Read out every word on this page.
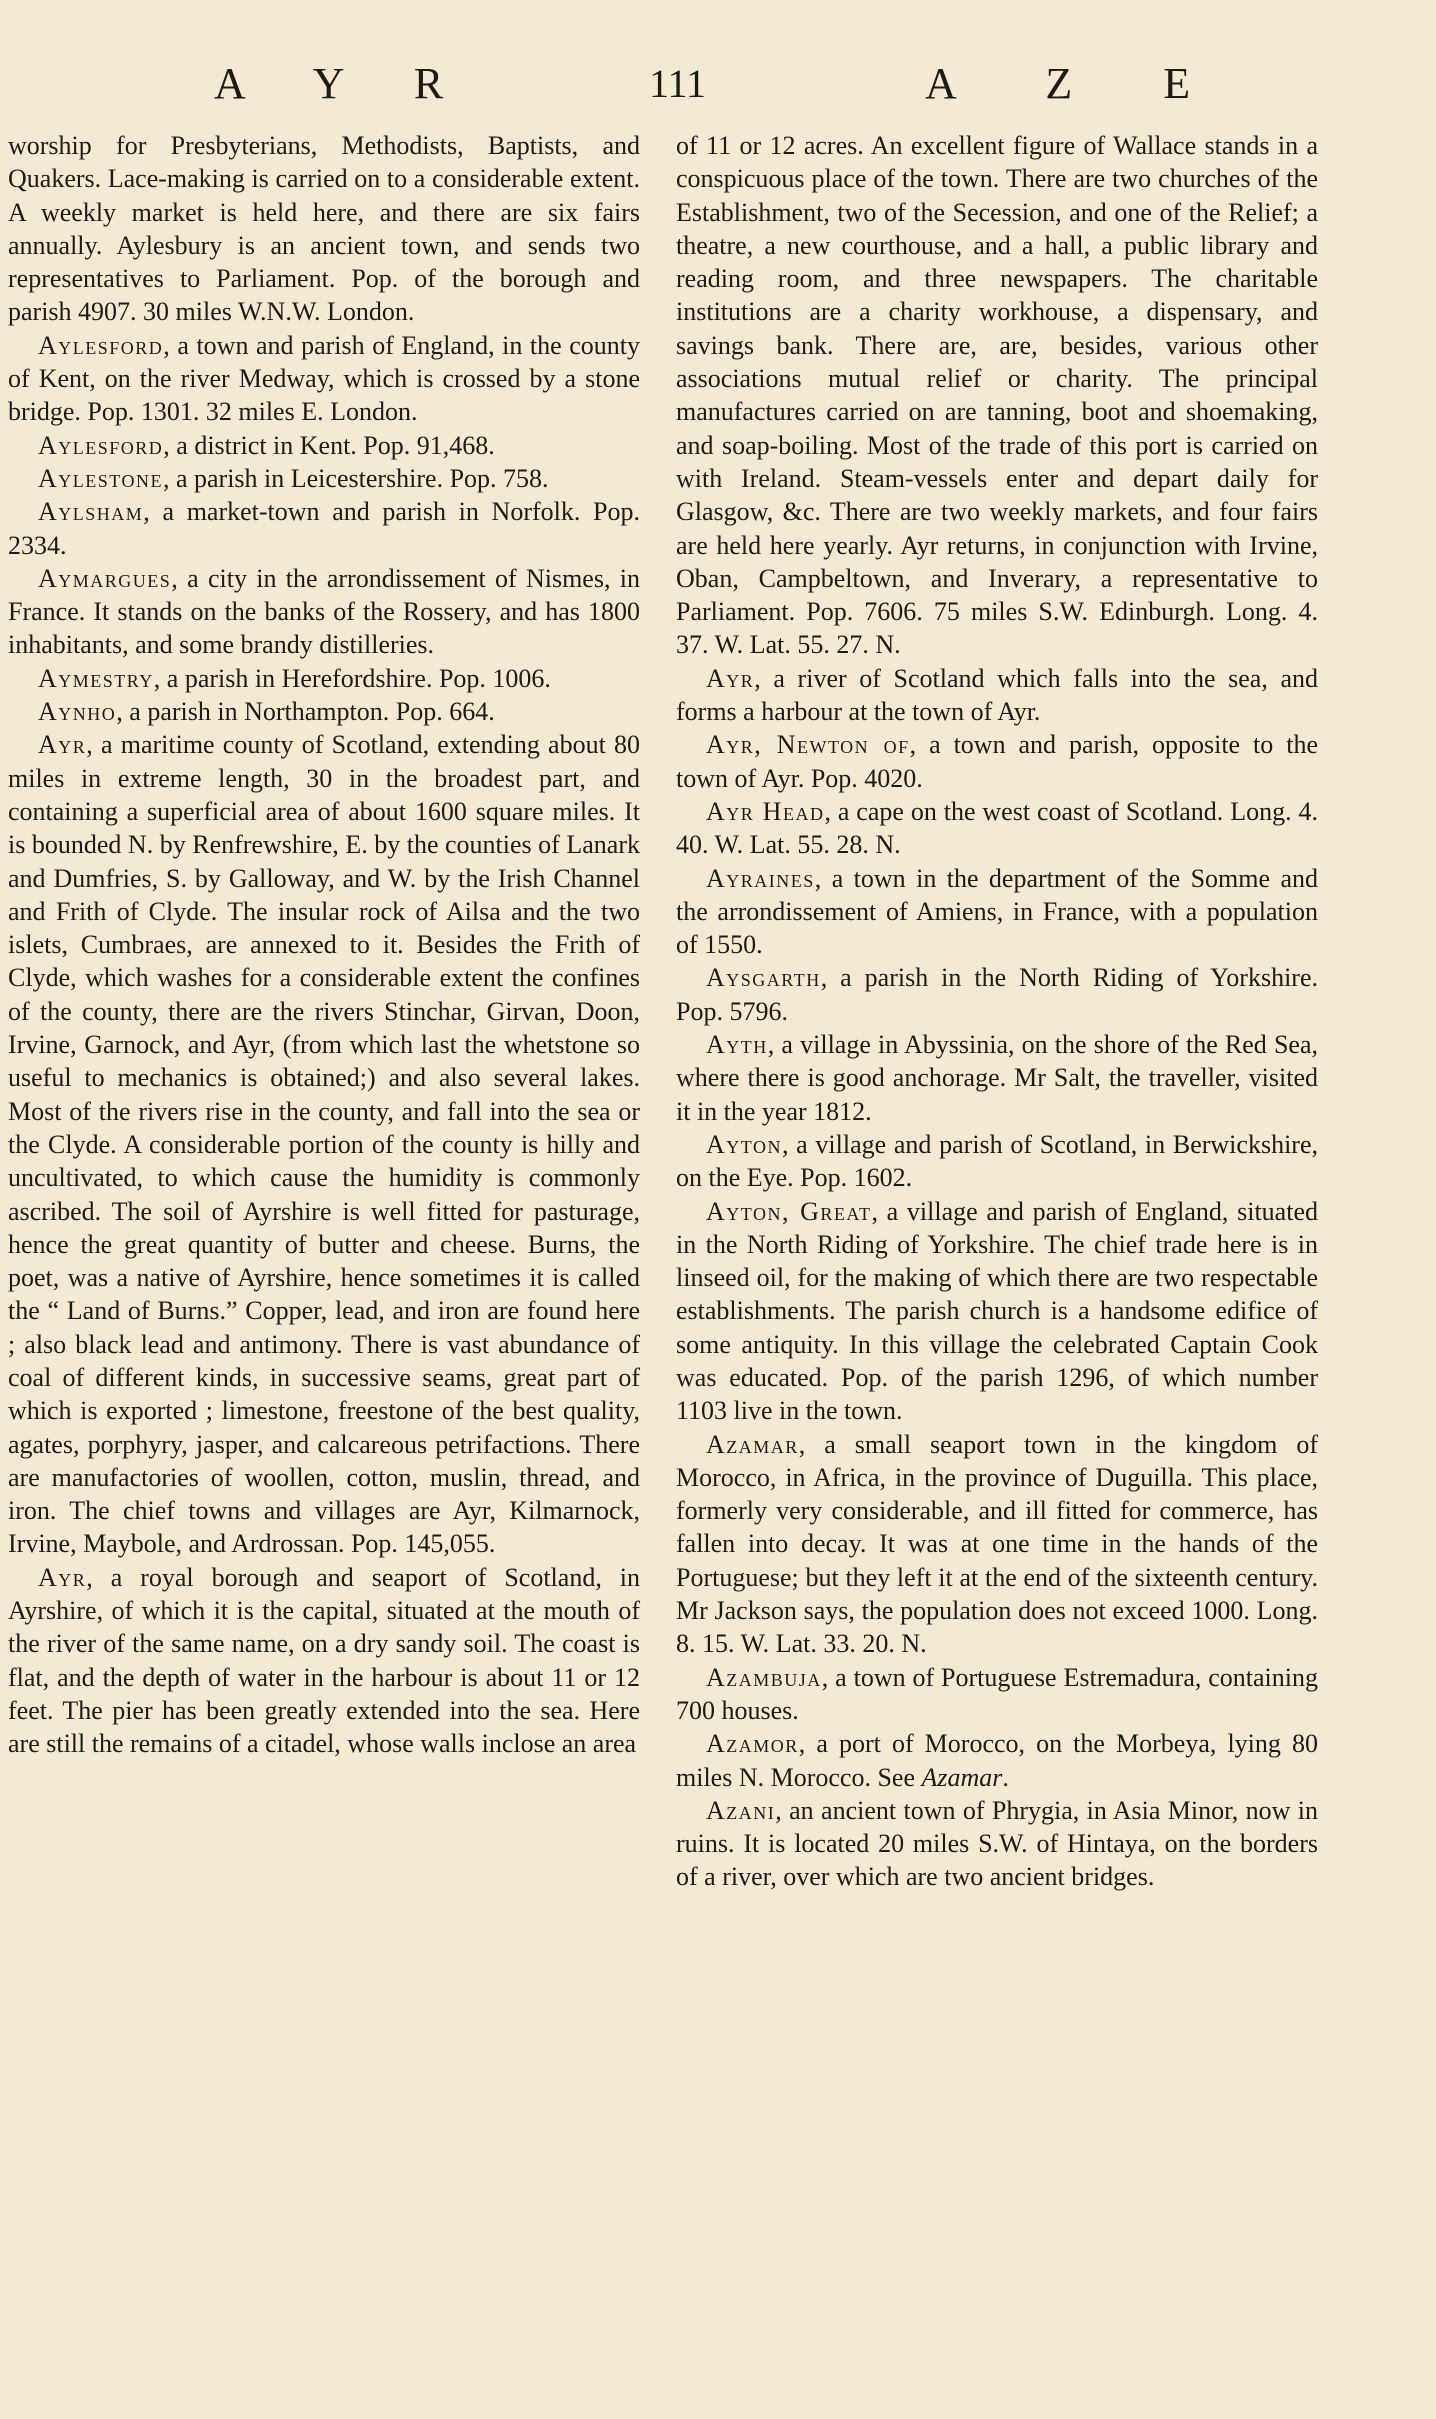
A Y R	111	A Z E

worship for Presbyterians, Methodists, Baptists, and Quakers. Lace-making is carried on to a considerable extent. A weekly market is held here, and there are six fairs annually. Aylesbury is an ancient town, and sends two representatives to Parliament. Pop. of the borough and parish 4907. 30 miles W.N.W. London.

Aylesford, a town and parish of England, in the county of Kent, on the river Medway, which is crossed by a stone bridge. Pop. 1301. 32 miles E. London.

Aylesford, a district in Kent. Pop. 91,468.

Aylestone, a parish in Leicestershire. Pop. 758.

Aylsham, a market-town and parish in Norfolk. Pop. 2334.

Aymargues, a city in the arrondissement of Nismes, in France. It stands on the banks of the Rossery, and has 1800 inhabitants, and some brandy distilleries.

Aymestry, a parish in Herefordshire. Pop. 1006.

Aynho, a parish in Northampton. Pop. 664.

Ayr, a maritime county of Scotland, extending about 80 miles in extreme length, 30 in the broadest part, and containing a superficial area of about 1600 square miles. It is bounded N. by Renfrewshire, E. by the counties of Lanark and Dumfries, S. by Galloway, and W. by the Irish Channel and Frith of Clyde. The insular rock of Ailsa and the two islets, Cumbraes, are annexed to it. Besides the Frith of Clyde, which washes for a considerable extent the confines of the county, there are the rivers Stinchar, Girvan, Doon, Irvine, Garnock, and Ayr, (from which last the whetstone so useful to mechanics is obtained;) and also several lakes. Most of the rivers rise in the county, and fall into the sea or the Clyde. A considerable portion of the county is hilly and uncultivated, to which cause the humidity is commonly ascribed. The soil of Ayrshire is well fitted for pasturage, hence the great quantity of butter and cheese. Burns, the poet, was a native of Ayrshire, hence sometimes it is called the “ Land of Burns.” Copper, lead, and iron are found here ; also black lead and antimony. There is vast abundance of coal of different kinds, in successive seams, great part of which is exported ; limestone, freestone of the best quality, agates, porphyry, jasper, and calcareous petrifactions. There are manufactories of woollen, cotton, muslin, thread, and iron. The chief towns and villages are Ayr, Kilmarnock, Irvine, Maybole, and Ardrossan. Pop. 145,055.

Ayr, a royal borough and seaport of Scotland, in Ayrshire, of which it is the capital, situated at the mouth of the river of the same name, on a dry sandy soil. The coast is flat, and the depth of water in the harbour is about 11 or 12 feet. The pier has been greatly extended into the sea. Here are still the remains of a citadel, whose walls inclose an area

of 11 or 12 acres. An excellent figure of Wallace stands in a conspicuous place of the town. There are two churches of the Establishment, two of the Secession, and one of the Relief; a theatre, a new courthouse, and a hall, a public library and reading room, and three newspapers. The charitable institutions are a charity workhouse, a dispensary, and savings bank. There are, are, besides, various other associations mutual relief or charity. The principal manufactures carried on are tanning, boot and shoemaking, and soap-boiling. Most of the trade of this port is carried on with Ireland. Steam-vessels enter and depart daily for Glasgow, &c. There are two weekly markets, and four fairs are held here yearly. Ayr returns, in conjunction with Irvine, Oban, Campbeltown, and Inverary, a representative to Parliament. Pop. 7606. 75 miles S.W. Edinburgh. Long. 4. 37. W. Lat. 55. 27. N.

Ayr, a river of Scotland which falls into the sea, and forms a harbour at the town of Ayr.

Ayr, Newton of, a town and parish, opposite to the town of Ayr. Pop. 4020.

Ayr Head, a cape on the west coast of Scotland. Long. 4. 40. W. Lat. 55. 28. N.

Ayraines, a town in the department of the Somme and the arrondissement of Amiens, in France, with a population of 1550.

Aysgarth, a parish in the North Riding of Yorkshire. Pop. 5796.

Ayth, a village in Abyssinia, on the shore of the Red Sea, where there is good anchorage. Mr Salt, the traveller, visited it in the year 1812.

Ayton, a village and parish of Scotland, in Berwickshire, on the Eye. Pop. 1602.

Ayton, Great, a village and parish of England, situated in the North Riding of Yorkshire. The chief trade here is in linseed oil, for the making of which there are two respectable establishments. The parish church is a handsome edifice of some antiquity. In this village the celebrated Captain Cook was educated. Pop. of the parish 1296, of which number 1103 live in the town.

Azamar, a small seaport town in the kingdom of Morocco, in Africa, in the province of Duguilla. This place, formerly very considerable, and ill fitted for commerce, has fallen into decay. It was at one time in the hands of the Portuguese; but they left it at the end of the sixteenth century. Mr Jackson says, the population does not exceed 1000. Long. 8. 15. W. Lat. 33. 20. N.

Azambuja, a town of Portuguese Estremadura, containing 700 houses.

Azamor, a port of Morocco, on the Morbeya, lying 80 miles N. Morocco. See Azamar.

Azani, an ancient town of Phrygia, in Asia Minor, now in ruins. It is located 20 miles S.W. of Hintaya, on the borders of a river, over which are two ancient bridges.
